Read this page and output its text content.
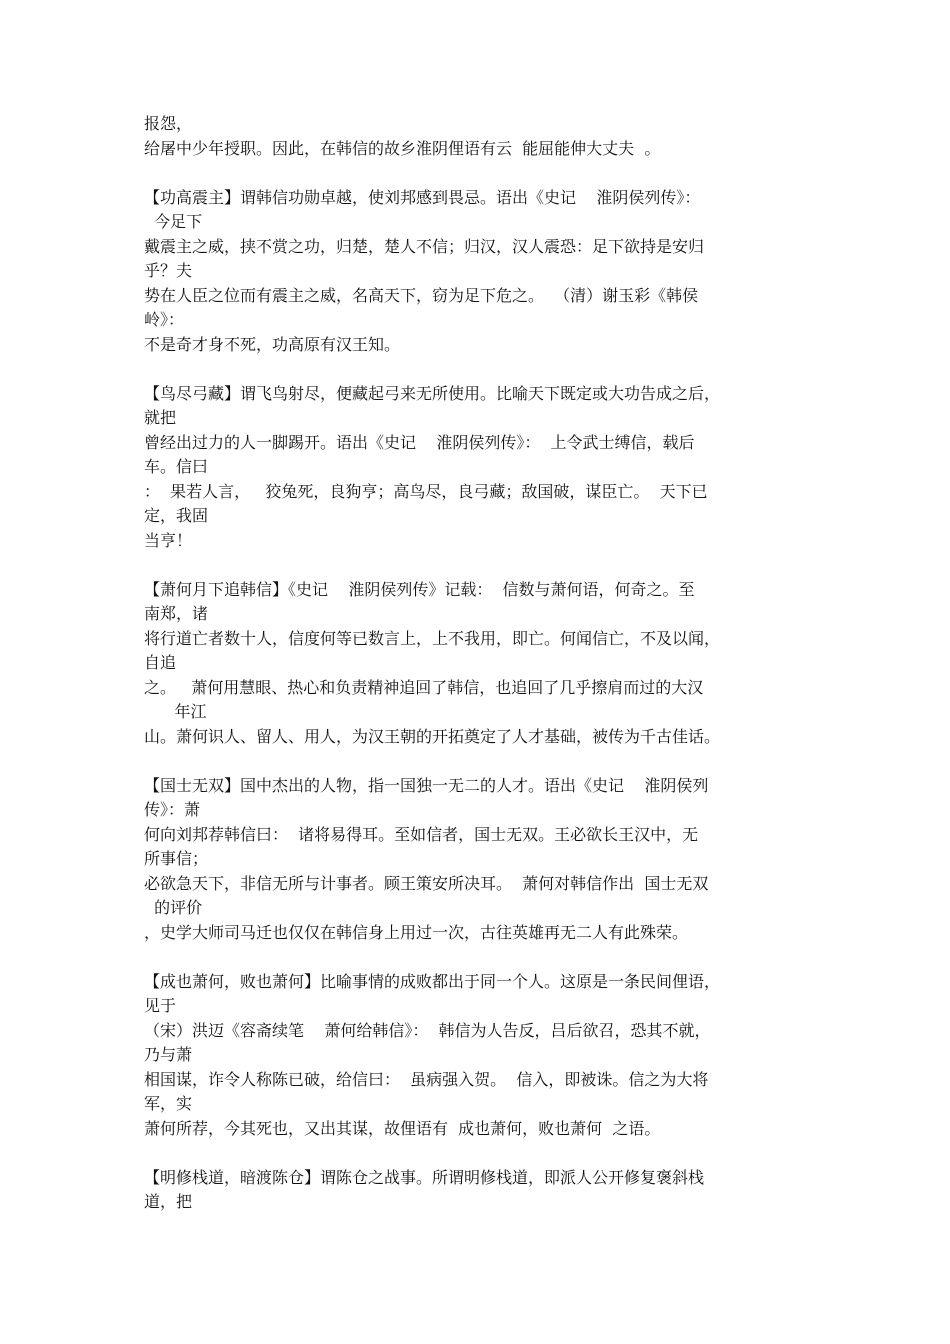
报怨，
给屠中少年授职。因此，在韩信的故乡淮阴俚语有云  能屈能伸大丈夫  。
【功高震主】谓韩信功勋卓越，使刘邦感到畏忌。语出《史记    淮阴侯列传》：
今足下
戴震主之威，挟不赏之功，归楚，楚人不信；归汉，汉人震恐：足下欲持是安归
乎？夫
势在人臣之位而有震主之威，名高天下，窃为足下危之。  （清）谢玉彩《韩侯
岭》：
不是奇才身不死，功高原有汉王知。
【鸟尽弓藏】谓飞鸟射尽，便藏起弓来无所使用。比喻天下既定或大功告成之后，
就把
曾经出过力的人一脚踢开。语出《史记    淮阴侯列传》：  上令武士缚信，载后
车。信曰
：  果若人言，   狡兔死，良狗亨；高鸟尽，良弓藏；敌国破，谋臣亡。  天下已
定，我固
当亨！
【萧何月下追韩信】《史记    淮阴侯列传》记载：  信数与萧何语，何奇之。至
南郑，诸
将行道亡者数十人，信度何等已数言上，上不我用，即亡。何闻信亡，不及以闻，
自追
之。   萧何用慧眼、热心和负责精神追回了韩信，也追回了几乎擦肩而过的大汉
年江
山。萧何识人、留人、用人，为汉王朝的开拓奠定了人才基础，被传为千古佳话。
【国士无双】国中杰出的人物，指一国独一无二的人才。语出《史记    淮阴侯列
传》：萧
何向刘邦荐韩信曰：  诸将易得耳。至如信者，国士无双。王必欲长王汉中，无
所事信；
必欲急天下，非信无所与计事者。顾王策安所决耳。  萧何对韩信作出  国士无双
的评价
，史学大师司马迁也仅仅在韩信身上用过一次，古往英雄再无二人有此殊荣。
【成也萧何，败也萧何】比喻事情的成败都出于同一个人。这原是一条民间俚语，
见于
（宋）洪迈《容斋续笔    萧何给韩信》：  韩信为人告反，吕后欲召，恐其不就，
乃与萧
相国谋，诈令人称陈已破，给信曰：  虽病强入贺。  信入，即被诛。信之为大将
军，实
萧何所荐，今其死也，又出其谋，故俚语有  成也萧何，败也萧何  之语。
【明修栈道，暗渡陈仓】谓陈仓之战事。所谓明修栈道，即派人公开修复褒斜栈
道，把
